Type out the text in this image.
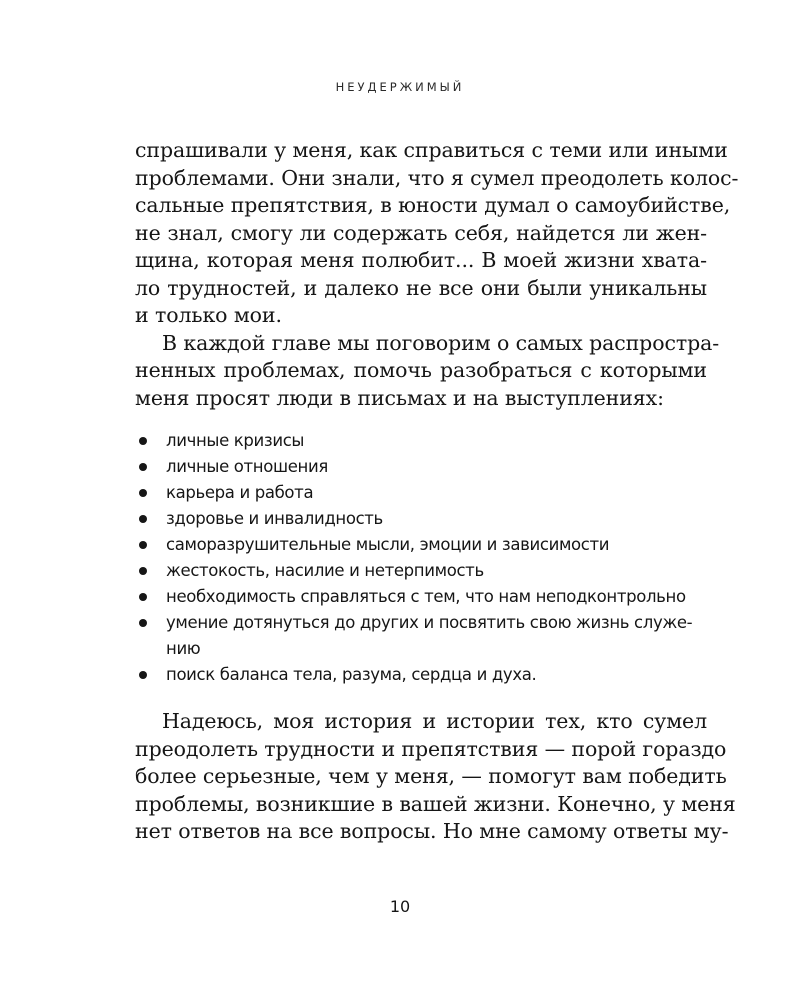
НЕУДЕРЖИМЫЙ

спрашивали у меня, как справиться с теми или иными
проблемами. Они знали, что я сумел преодолеть колос-
сальные препятствия, в юности думал о самоубийстве,
не знал, смогу ли содержать себя, найдется ли жен-
щина, которая меня полюбит... В моей жизни хвата-
ло трудностей, и далеко не все они были уникальны
и только мои.

В каждой главе мы поговорим о самых распростра-
ненных проблемах, помочь разобраться с которыми
меня просят люди в письмах и на выступлениях:

личные кризисы
личные отношения
карьера и работа
здоровье и инвалидность
саморазрушительные мысли, эмоции и зависимости
жестокость, насилие и нетерпимость
необходимость справляться с тем, что нам неподконтрольно
умение дотянуться до других и посвятить свою жизнь служе-
нию
поиск баланса тела, разума, сердца и духа.

Надеюсь, моя история и истории тех, кто сумел
преодолеть трудности и препятствия — порой гораздо
более серьезные, чем у меня, — помогут вам победить
проблемы, возникшие в вашей жизни. Конечно, у меня
нет ответов на все вопросы. Но мне самому ответы му-

10
